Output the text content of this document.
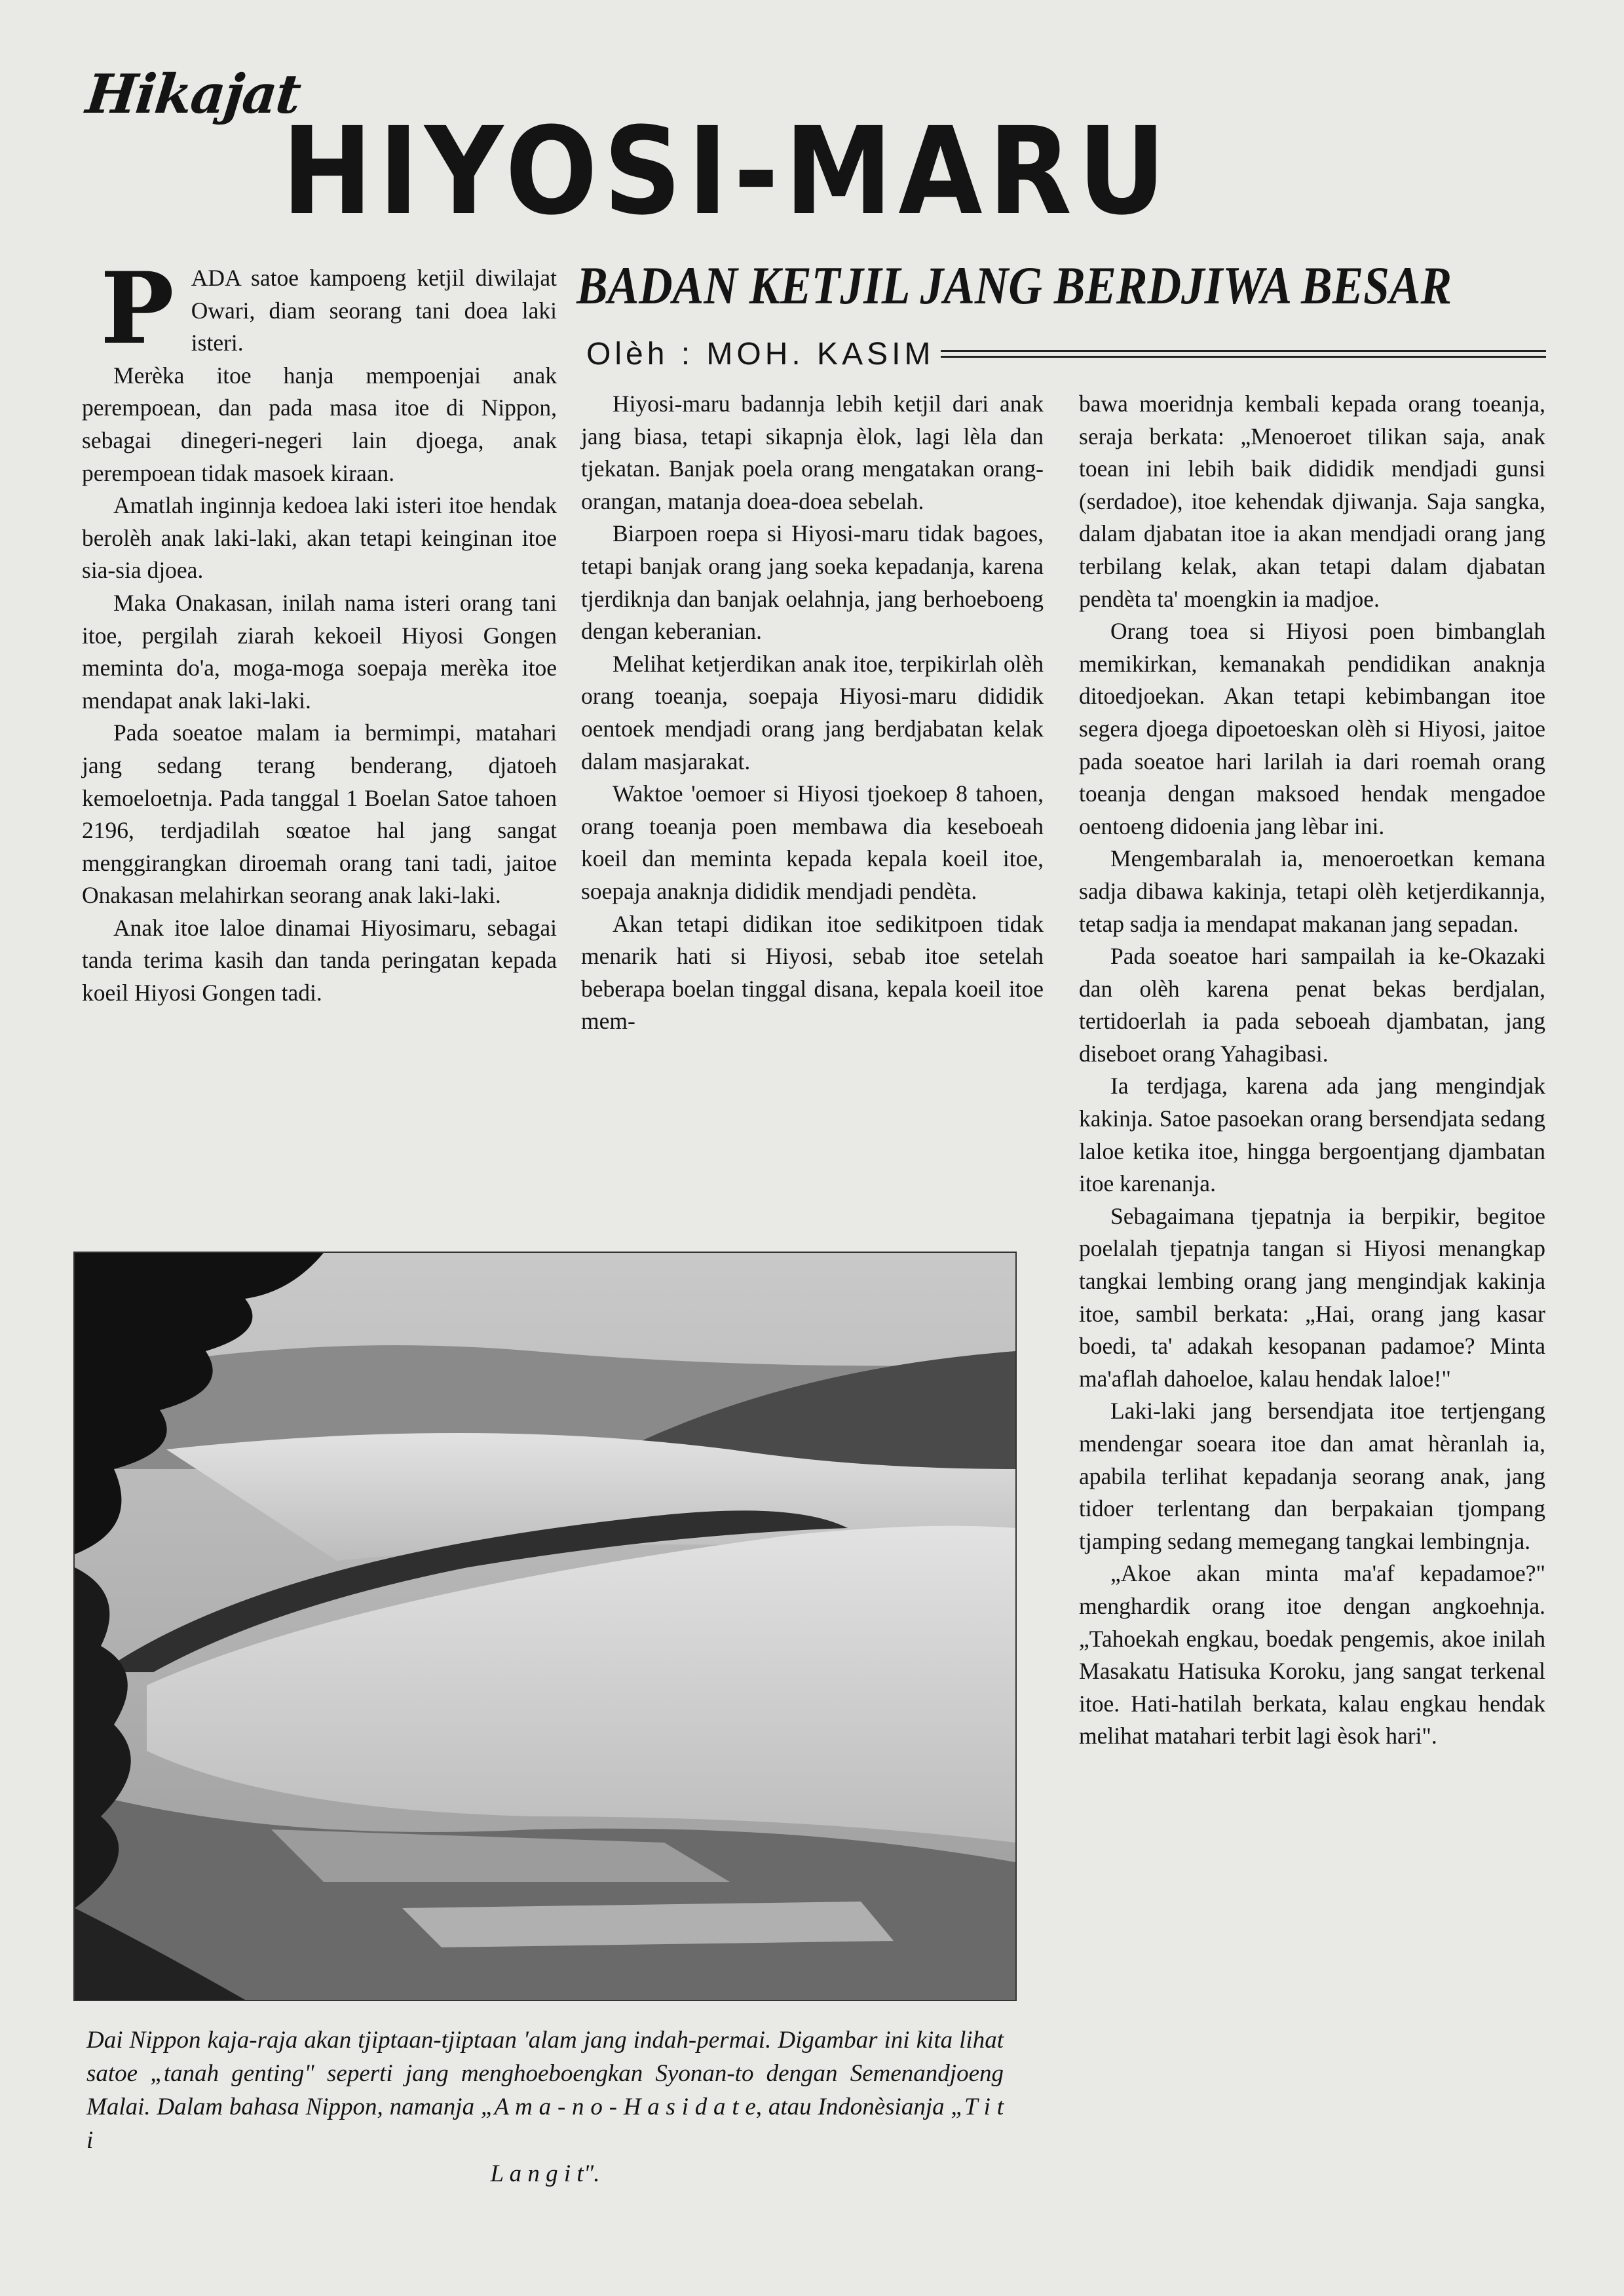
Hikajat
HIYOSI-MARU
BADAN KETJIL JANG BERDJIWA BESAR
Olèh : MOH. KASIM
P ADA satoe kampoeng ketjil diwilajat Owari, diam seorang tani doea laki isteri.

Merèka itoe hanja mempoenjai anak perempoean, dan pada masa itoe di Nippon, sebagai dinegeri-negeri lain djoega, anak perempoean tidak masoek kiraan.

Amatlah inginnja kedoea laki isteri itoe hendak berolèh anak laki-laki, akan tetapi keinginan itoe sia-sia djoea.

Maka Onakasan, inilah nama isteri orang tani itoe, pergilah ziarah kekoeil Hiyosi Gongen meminta do'a, moga-moga soepaja merèka itoe mendapat anak laki-laki.

Pada soeatoe malam ia bermimpi, matahari jang sedang terang benderang, djatoeh kemoeloetnja. Pada tanggal 1 Boelan Satoe tahoen 2196, terdjadilah sœatoe hal jang sangat menggirangkan diroemah orang tani tadi, jaitoe Onakasan melahirkan seorang anak laki-laki.

Anak itoe laloe dinamai Hiyosimaru, sebagai tanda terima kasih dan tanda peringatan kepada koeil Hiyosi Gongen tadi.

Hiyosi-maru badannja lebih ketjil dari anak jang biasa, tetapi sikapnja èlok, lagi lèla dan tjekatan. Banjak poela orang mengatakan orang-orangan, matanja doea-doea sebelah.

Biarpoen roepa si Hiyosi-maru tidak bagoes, tetapi banjak orang jang soeka kepadanja, karena tjerdiknja dan banjak oelahnja, jang berhoeboeng dengan keberanian.

Melihat ketjerdikan anak itoe, terpikirlah olèh orang toeanja, soepaja Hiyosi-maru dididik oentoek mendjadi orang jang berdjabatan kelak dalam masjarakat.

Waktoe 'oemoer si Hiyosi tjoekoep 8 tahoen, orang toeanja poen membawa dia keseboeah koeil dan meminta kepada kepala koeil itoe, soepaja anaknja dididik mendjadi pendèta.

Akan tetapi didikan itoe sedikitpoen tidak menarik hati si Hiyosi, sebab itoe setelah beberapa boelan tinggal disana, kepala koeil itoe mem-

bawa moeridnja kembali kepada orang toeanja, seraja berkata: „Menoeroet tilikan saja, anak toean ini lebih baik dididik mendjadi gunsi (serdadoe), itoe kehendak djiwanja. Saja sangka, dalam djabatan itoe ia akan mendjadi orang jang terbilang kelak, akan tetapi dalam djabatan pendèta ta' moengkin ia madjoe.

Orang toea si Hiyosi poen bimbanglah memikirkan, kemanakah pendidikan anaknja ditoedjoekan. Akan tetapi kebimbangan itoe segera djoega dipoetoeskan olèh si Hiyosi, jaitoe pada soeatoe hari larilah ia dari roemah orang toeanja dengan maksoed hendak mengadoe oentoeng didoenia jang lèbar ini.

Mengembaralah ia, menoeroetkan kemana sadja dibawa kakinja, tetapi olèh ketjerdikannja, tetap sadja ia mendapat makanan jang sepadan.

Pada soeatoe hari sampailah ia ke-Okazaki dan olèh karena penat bekas berdjalan, tertidoerlah ia pada seboeah djambatan, jang diseboet orang Yahagibasi.

Ia terdjaga, karena ada jang mengindjak kakinja. Satoe pasoekan orang bersendjata sedang laloe ketika itoe, hingga bergoentjang djambatan itoe karenanja.

Sebagaimana tjepatnja ia berpikir, begitoe poelalah tjepatnja tangan si Hiyosi menangkap tangkai lembing orang jang mengindjak kakinja itoe, sambil berkata: „Hai, orang jang kasar boedi, ta' adakah kesopanan padamoe? Minta ma'aflah dahoeloe, kalau hendak laloe!"

Laki-laki jang bersendjata itoe tertjengang mendengar soeara itoe dan amat hèranlah ia, apabila terlihat kepadanja seorang anak, jang tidoer terlentang dan berpakaian tjompang tjamping sedang memegang tangkai lembingnja.

„Akoe akan minta ma'af kepadamoe?" menghardik orang itoe dengan angkoehnja. „Tahoekah engkau, boedak pengemis, akoe inilah Masakatu Hatisuka Koroku, jang sangat terkenal itoe. Hati-hatilah berkata, kalau engkau hendak melihat matahari terbit lagi èsok hari".

Dai Nippon kaja-raja akan tjiptaan-tjiptaan 'alam jang indah-permai. Digambar ini kita lihat satoe „tanah genting" seperti jang menghoeboengkan Syonan-to dengan Semenandjoeng Malai. Dalam bahasa Nippon, namanja „A m a - n o - H a s i d a t e, atau Indonèsianja „T i t i
L a n g i t".
